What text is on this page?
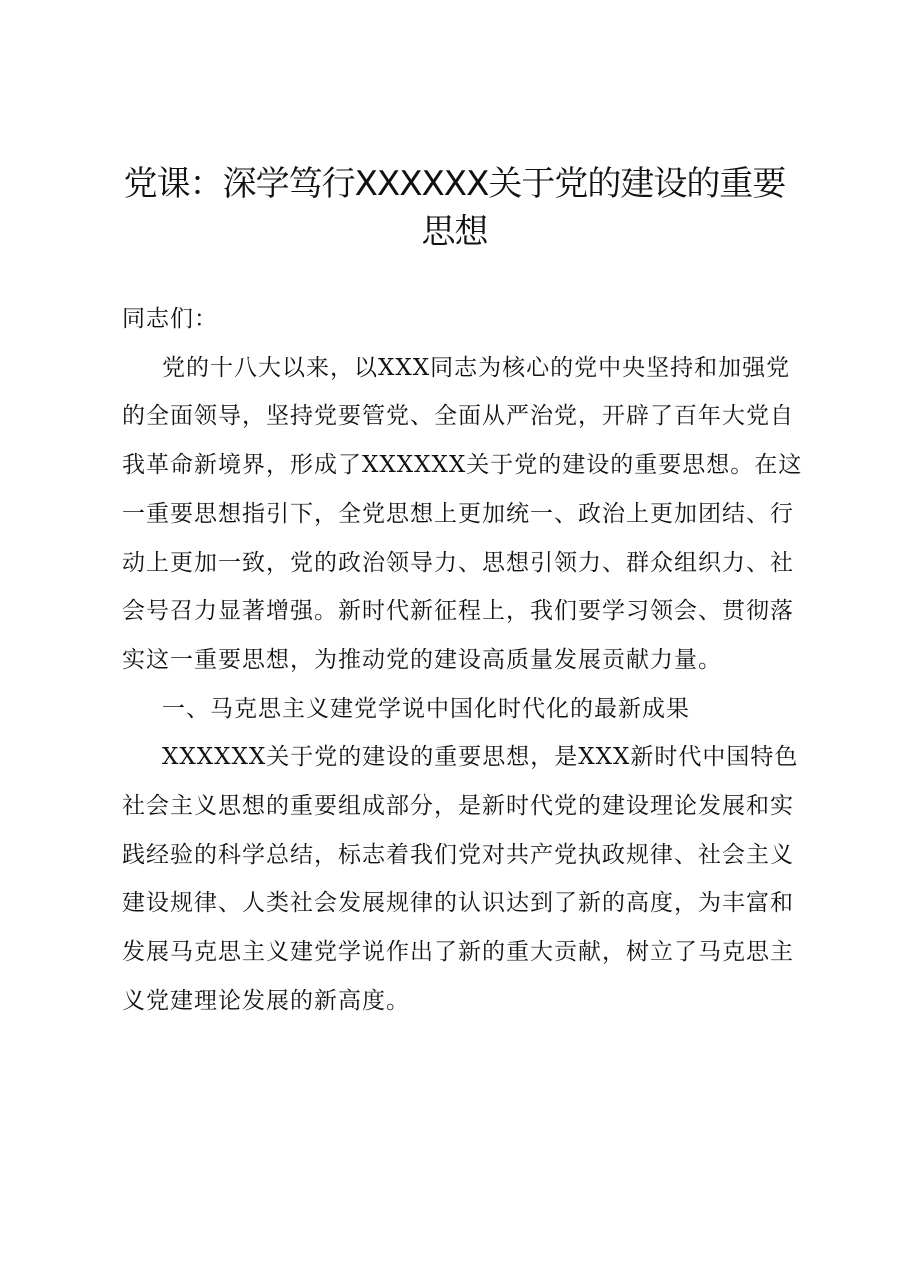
党课：深学笃行XXXXXX关于党的建设的重要思想

同志们：

党的十八大以来，以XXX同志为核心的党中央坚持和加强党的全面领导，坚持党要管党、全面从严治党，开辟了百年大党自我革命新境界，形成了XXXXXX关于党的建设的重要思想。在这一重要思想指引下，全党思想上更加统一、政治上更加团结、行动上更加一致，党的政治领导力、思想引领力、群众组织力、社会号召力显著增强。新时代新征程上，我们要学习领会、贯彻落实这一重要思想，为推动党的建设高质量发展贡献力量。

一、马克思主义建党学说中国化时代化的最新成果

XXXXXX关于党的建设的重要思想，是XXX新时代中国特色社会主义思想的重要组成部分，是新时代党的建设理论发展和实践经验的科学总结，标志着我们党对共产党执政规律、社会主义建设规律、人类社会发展规律的认识达到了新的高度，为丰富和发展马克思主义建党学说作出了新的重大贡献，树立了马克思主义党建理论发展的新高度。
